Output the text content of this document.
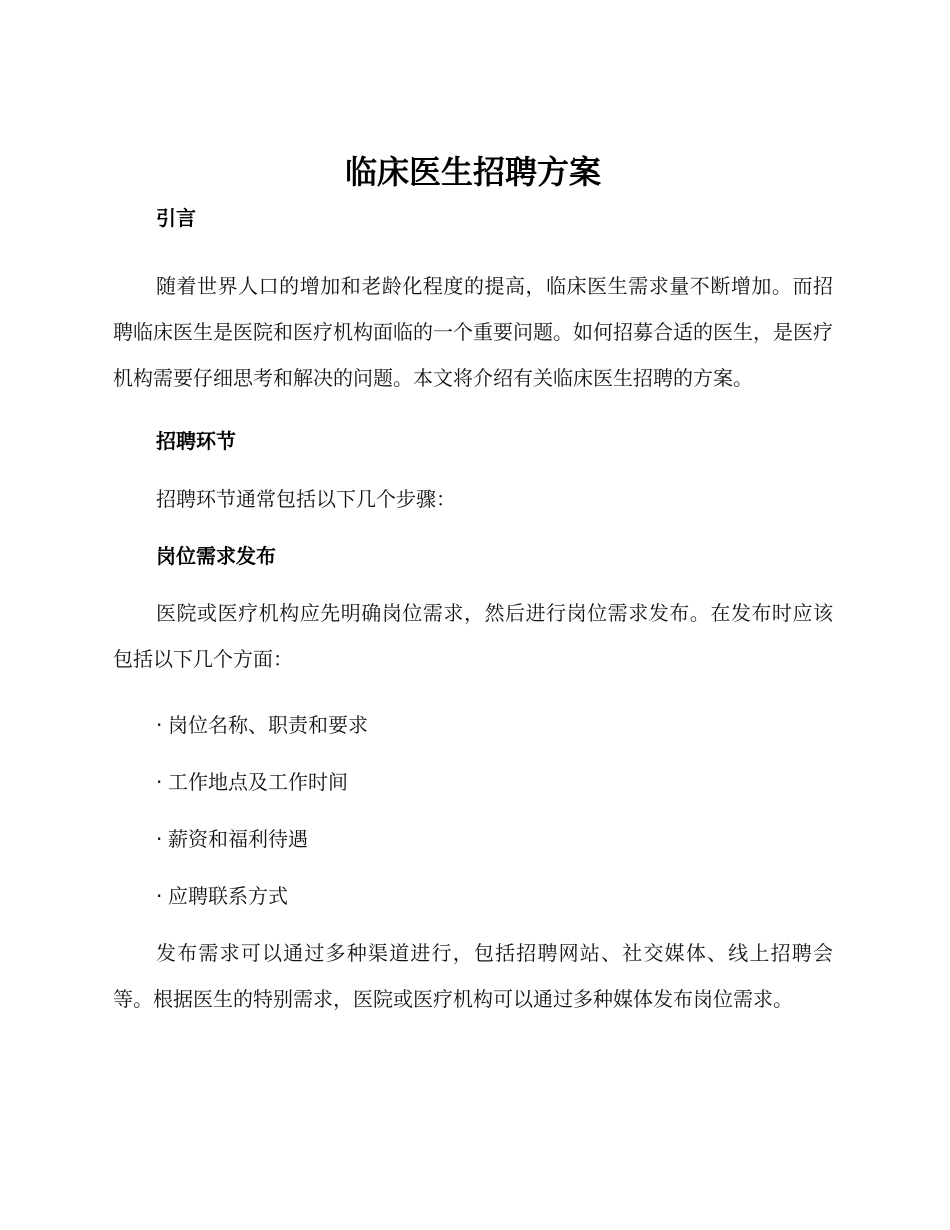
临床医生招聘方案
引言

随着世界人口的增加和老龄化程度的提高，临床医生需求量不断增加。而招聘临床医生是医院和医疗机构面临的一个重要问题。如何招募合适的医生，是医疗机构需要仔细思考和解决的问题。本文将介绍有关临床医生招聘的方案。

招聘环节

招聘环节通常包括以下几个步骤：

岗位需求发布

医院或医疗机构应先明确岗位需求，然后进行岗位需求发布。在发布时应该包括以下几个方面：

· 岗位名称、职责和要求

· 工作地点及工作时间

· 薪资和福利待遇

· 应聘联系方式

发布需求可以通过多种渠道进行，包括招聘网站、社交媒体、线上招聘会等。根据医生的特别需求，医院或医疗机构可以通过多种媒体发布岗位需求。
